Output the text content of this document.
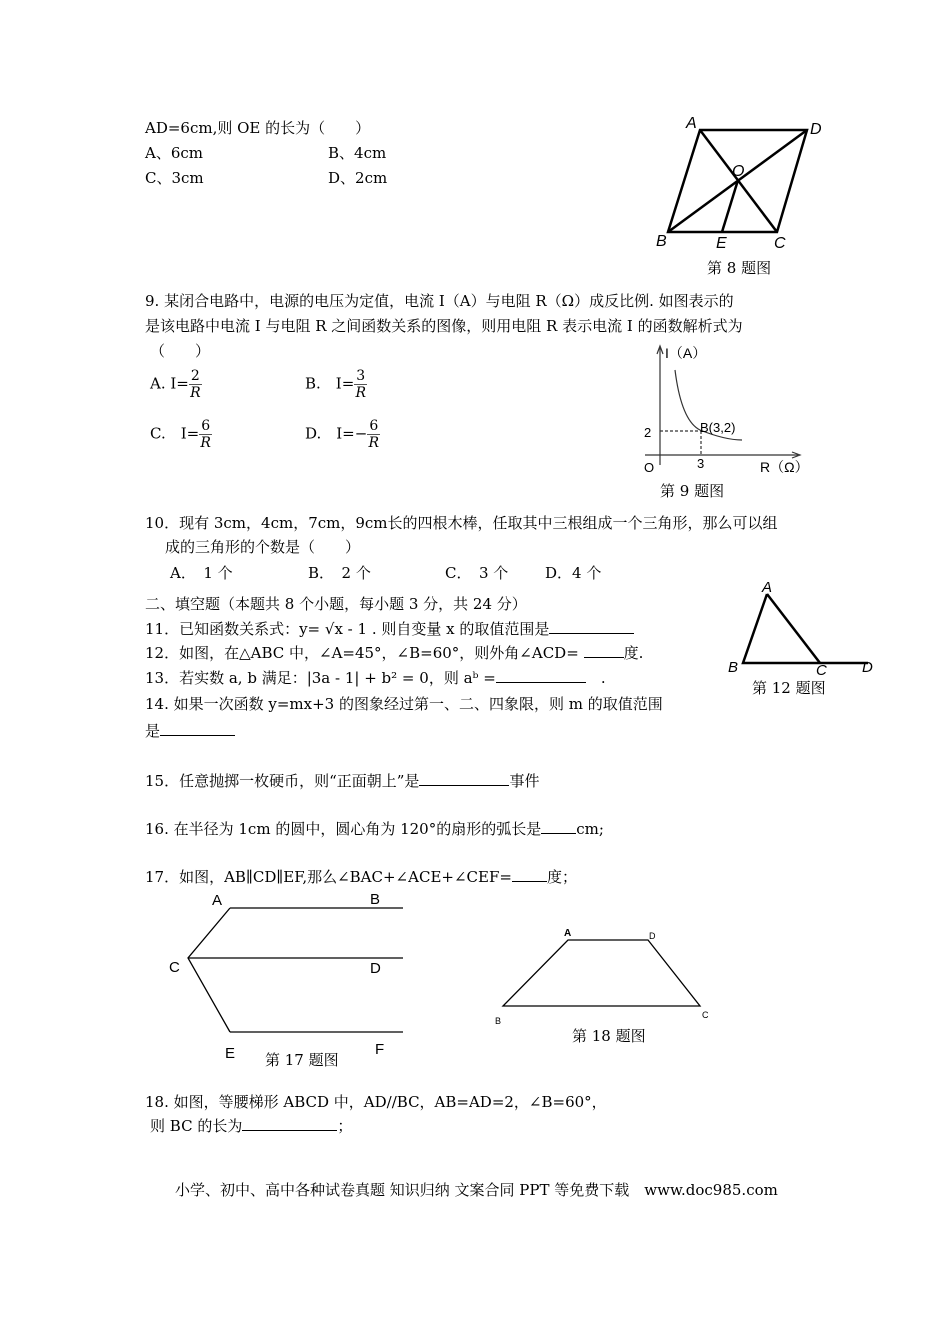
AD=6cm,则 OE 的长为（　　）
A、6cm	B、4cm
C、3cm	D、2cm
A	D
O
B	E	C
第 8 题图
9. 某闭合电路中，电源的电压为定值，电流 I（A）与电阻 R（Ω）成反比例. 如图表示的
是该电路中电流 I 与电阻 R 之间函数关系的图像，则用电阻 R 表示电流 I 的函数解析式为
（　　）
A. $I= \frac{2}{R}$	B.　$I= \frac{3}{R}$
C.　$I= \frac{6}{R}$	D.　$I=- \frac{6}{R}$
I（A）
B(3,2)
2
3
O	R（Ω）
第 9 题图
10．现有 3cm，4cm，7cm，9cm长的四根木棒，任取其中三根组成一个三角形，那么可以组
成的三角形的个数是（　　）
A．　1 个	B．　2 个	C．　3 个 D．4 个
二、填空题（本题共 8 个小题，每小题 3 分，共 24 分）
11．已知函数关系式：y= √x - 1 . 则自变量 x 的取值范围是
12．如图，在△ABC 中，∠A=45°，∠B=60°，则外角∠ACD=	度.
13．若实数 a, b 满足：|3a - 1| + b² = 0，则 aᵇ =　	.
14. 如果一次函数 y=mx+3 的图象经过第一、二、四象限，则 m 的取值范围
是
A
B	C D
第 12 题图
15．任意抛掷一枚硬币，则“正面朝上”是	事件
16. 在半径为 1cm 的圆中，圆心角为 120°的扇形的弧长是 cm;
17．如图，AB∥CD∥EF,那么∠BAC+∠ACE+∠CEF= 度；
A	B
C	D
E	F
第 17 题图
A	D
B
C
第 18 题图
18. 如图，等腰梯形 ABCD 中，AD//BC，AB=AD=2，∠B=60°，
则 BC 的长为	；
小学、初中、高中各种试卷真题 知识归纳 文案合同 PPT 等免费下载　www.doc985.com
